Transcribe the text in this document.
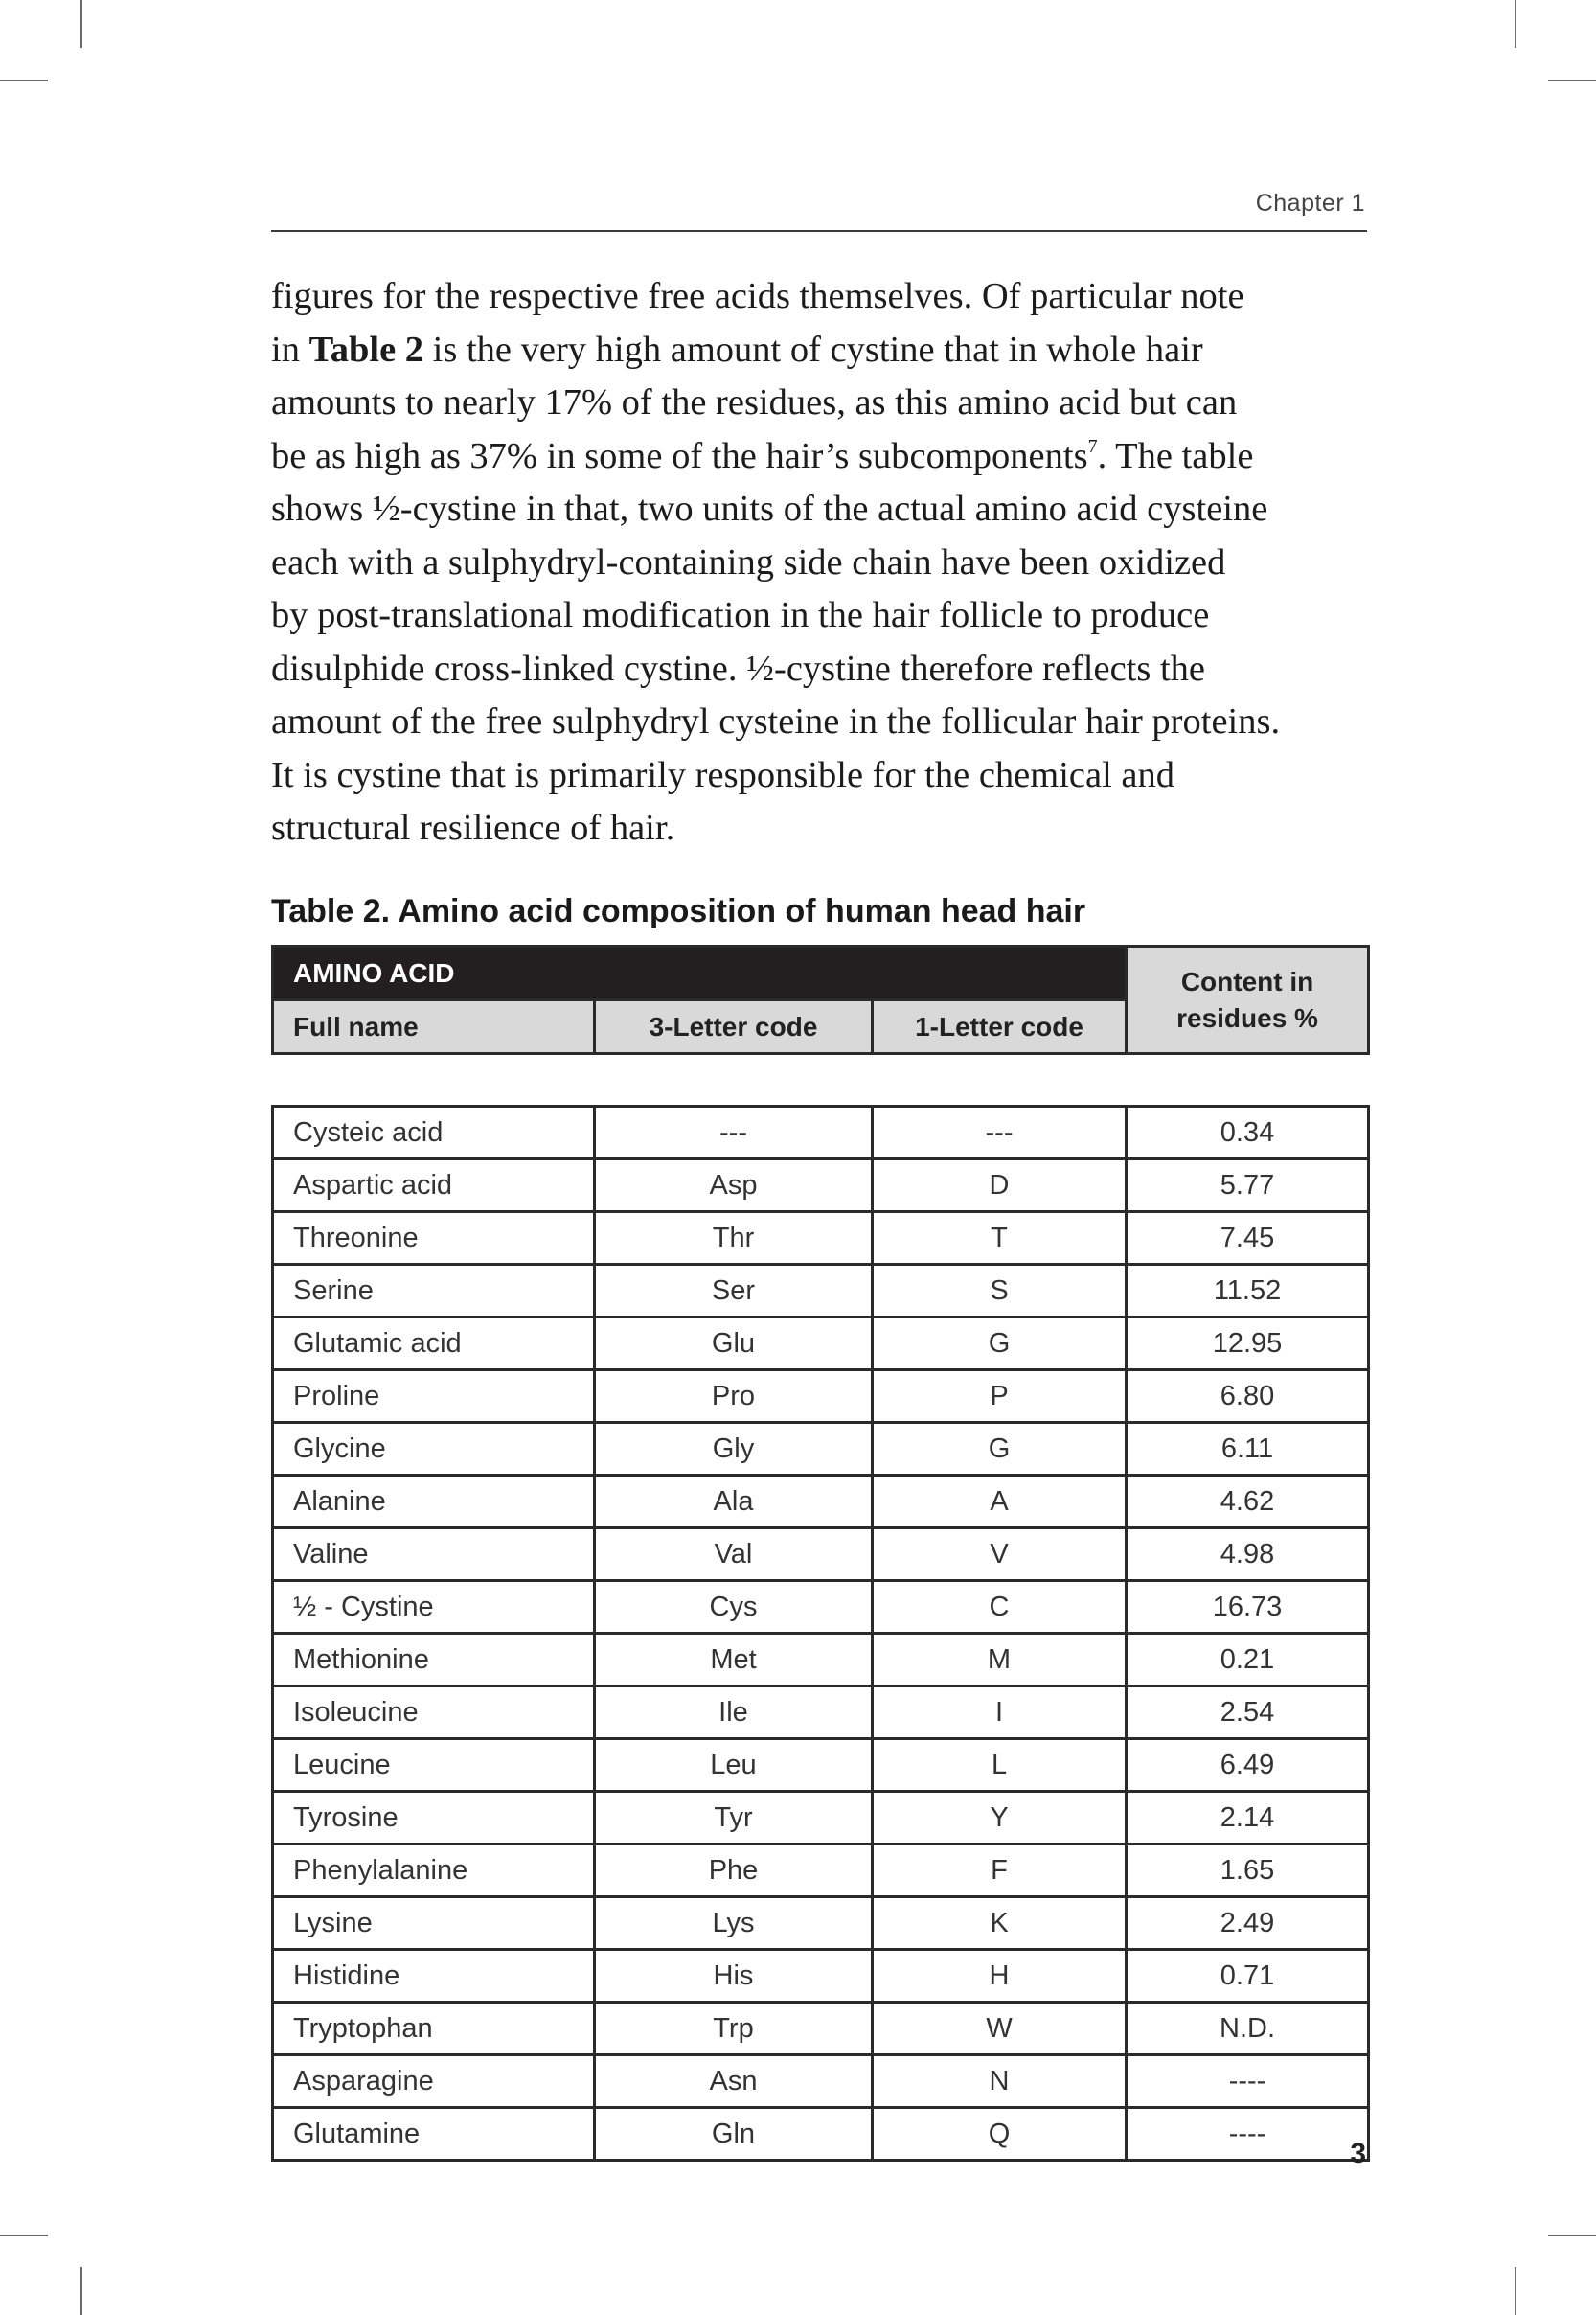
Chapter 1

figures for the respective free acids themselves. Of particular note

in Table 2 is the very high amount of cystine that in whole hair

amounts to nearly 17% of the residues, as this amino acid but can

be as high as 37% in some of the hair’s subcomponents$^7$. The table

shows ½-cystine in that, two units of the actual amino acid cysteine

each with a sulphydryl-containing side chain have been oxidized

by post-translational modification in the hair follicle to produce

disulphide cross-linked cystine. ½-cystine therefore reflects the

amount of the free sulphydryl cysteine in the follicular hair proteins.

It is cystine that is primarily responsible for the chemical and

structural resilience of hair.

Table 2. Amino acid composition of human head hair
AMINO ACID			Content in
residues %
Full name	3-Letter code	1-Letter code	

Cysteic acid	---	---	0.34
Aspartic acid	Asp	D	5.77
Threonine	Thr	T	7.45
Serine	Ser	S	11.52
Glutamic acid	Glu	G	12.95
Proline	Pro	P	6.80
Glycine	Gly	G	6.11
Alanine	Ala	A	4.62
Valine	Val	V	4.98
½ - Cystine	Cys	C	16.73
Methionine	Met	M	0.21
Isoleucine	Ile	I	2.54
Leucine	Leu	L	6.49
Tyrosine	Tyr	Y	2.14
Phenylalanine	Phe	F	1.65
Lysine	Lys	K	2.49
Histidine	His	H	0.71
Tryptophan	Trp	W	N.D.
Asparagine	Asn	N	----
Glutamine	Gln	Q	----
3
